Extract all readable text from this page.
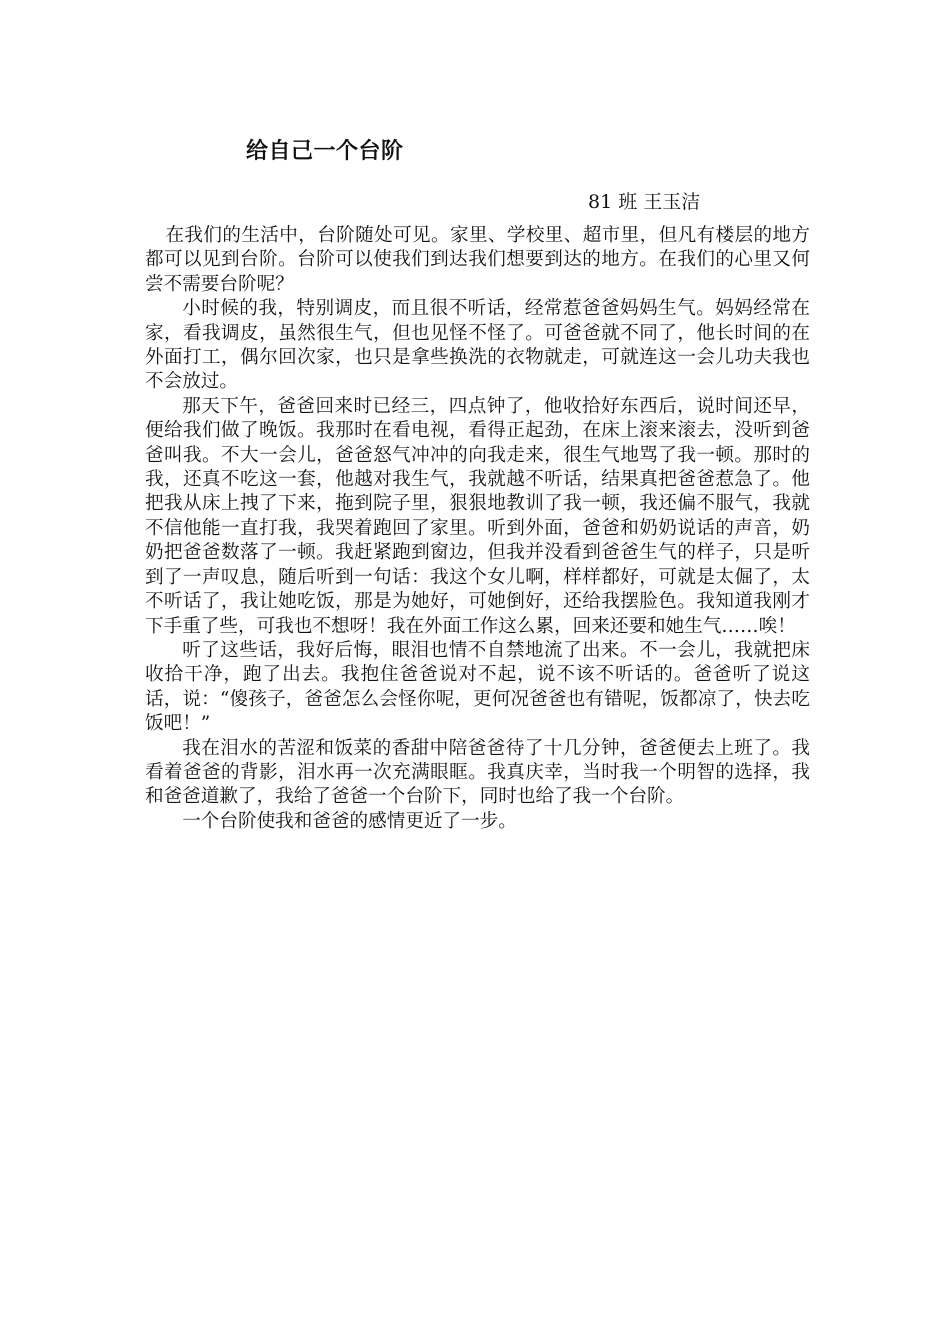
给自己一个台阶
81 班 王玉洁

在我们的生活中，台阶随处可见。家里、学校里、超市里，但凡有楼层的地方都可以见到台阶。台阶可以使我们到达我们想要到达的地方。在我们的心里又何尝不需要台阶呢？

小时候的我，特别调皮，而且很不听话，经常惹爸爸妈妈生气。妈妈经常在家，看我调皮，虽然很生气，但也见怪不怪了。可爸爸就不同了，他长时间的在外面打工，偶尔回次家，也只是拿些换洗的衣物就走，可就连这一会儿功夫我也不会放过。

那天下午，爸爸回来时已经三，四点钟了，他收拾好东西后，说时间还早，便给我们做了晚饭。我那时在看电视，看得正起劲，在床上滚来滚去，没听到爸爸叫我。不大一会儿，爸爸怒气冲冲的向我走来，很生气地骂了我一顿。那时的我，还真不吃这一套，他越对我生气，我就越不听话，结果真把爸爸惹急了。他把我从床上拽了下来，拖到院子里，狠狠地教训了我一顿，我还偏不服气，我就不信他能一直打我，我哭着跑回了家里。听到外面，爸爸和奶奶说话的声音，奶奶把爸爸数落了一顿。我赶紧跑到窗边，但我并没看到爸爸生气的样子，只是听到了一声叹息，随后听到一句话：我这个女儿啊，样样都好，可就是太倔了，太不听话了，我让她吃饭，那是为她好，可她倒好，还给我摆脸色。我知道我刚才下手重了些，可我也不想呀！我在外面工作这么累，回来还要和她生气……唉！

听了这些话，我好后悔，眼泪也情不自禁地流了出来。不一会儿，我就把床收拾干净，跑了出去。我抱住爸爸说对不起，说不该不听话的。爸爸听了说这话，说：“傻孩子，爸爸怎么会怪你呢，更何况爸爸也有错呢，饭都凉了，快去吃饭吧！”

我在泪水的苦涩和饭菜的香甜中陪爸爸待了十几分钟，爸爸便去上班了。我看着爸爸的背影，泪水再一次充满眼眶。我真庆幸，当时我一个明智的选择，我和爸爸道歉了，我给了爸爸一个台阶下，同时也给了我一个台阶。

一个台阶使我和爸爸的感情更近了一步。
